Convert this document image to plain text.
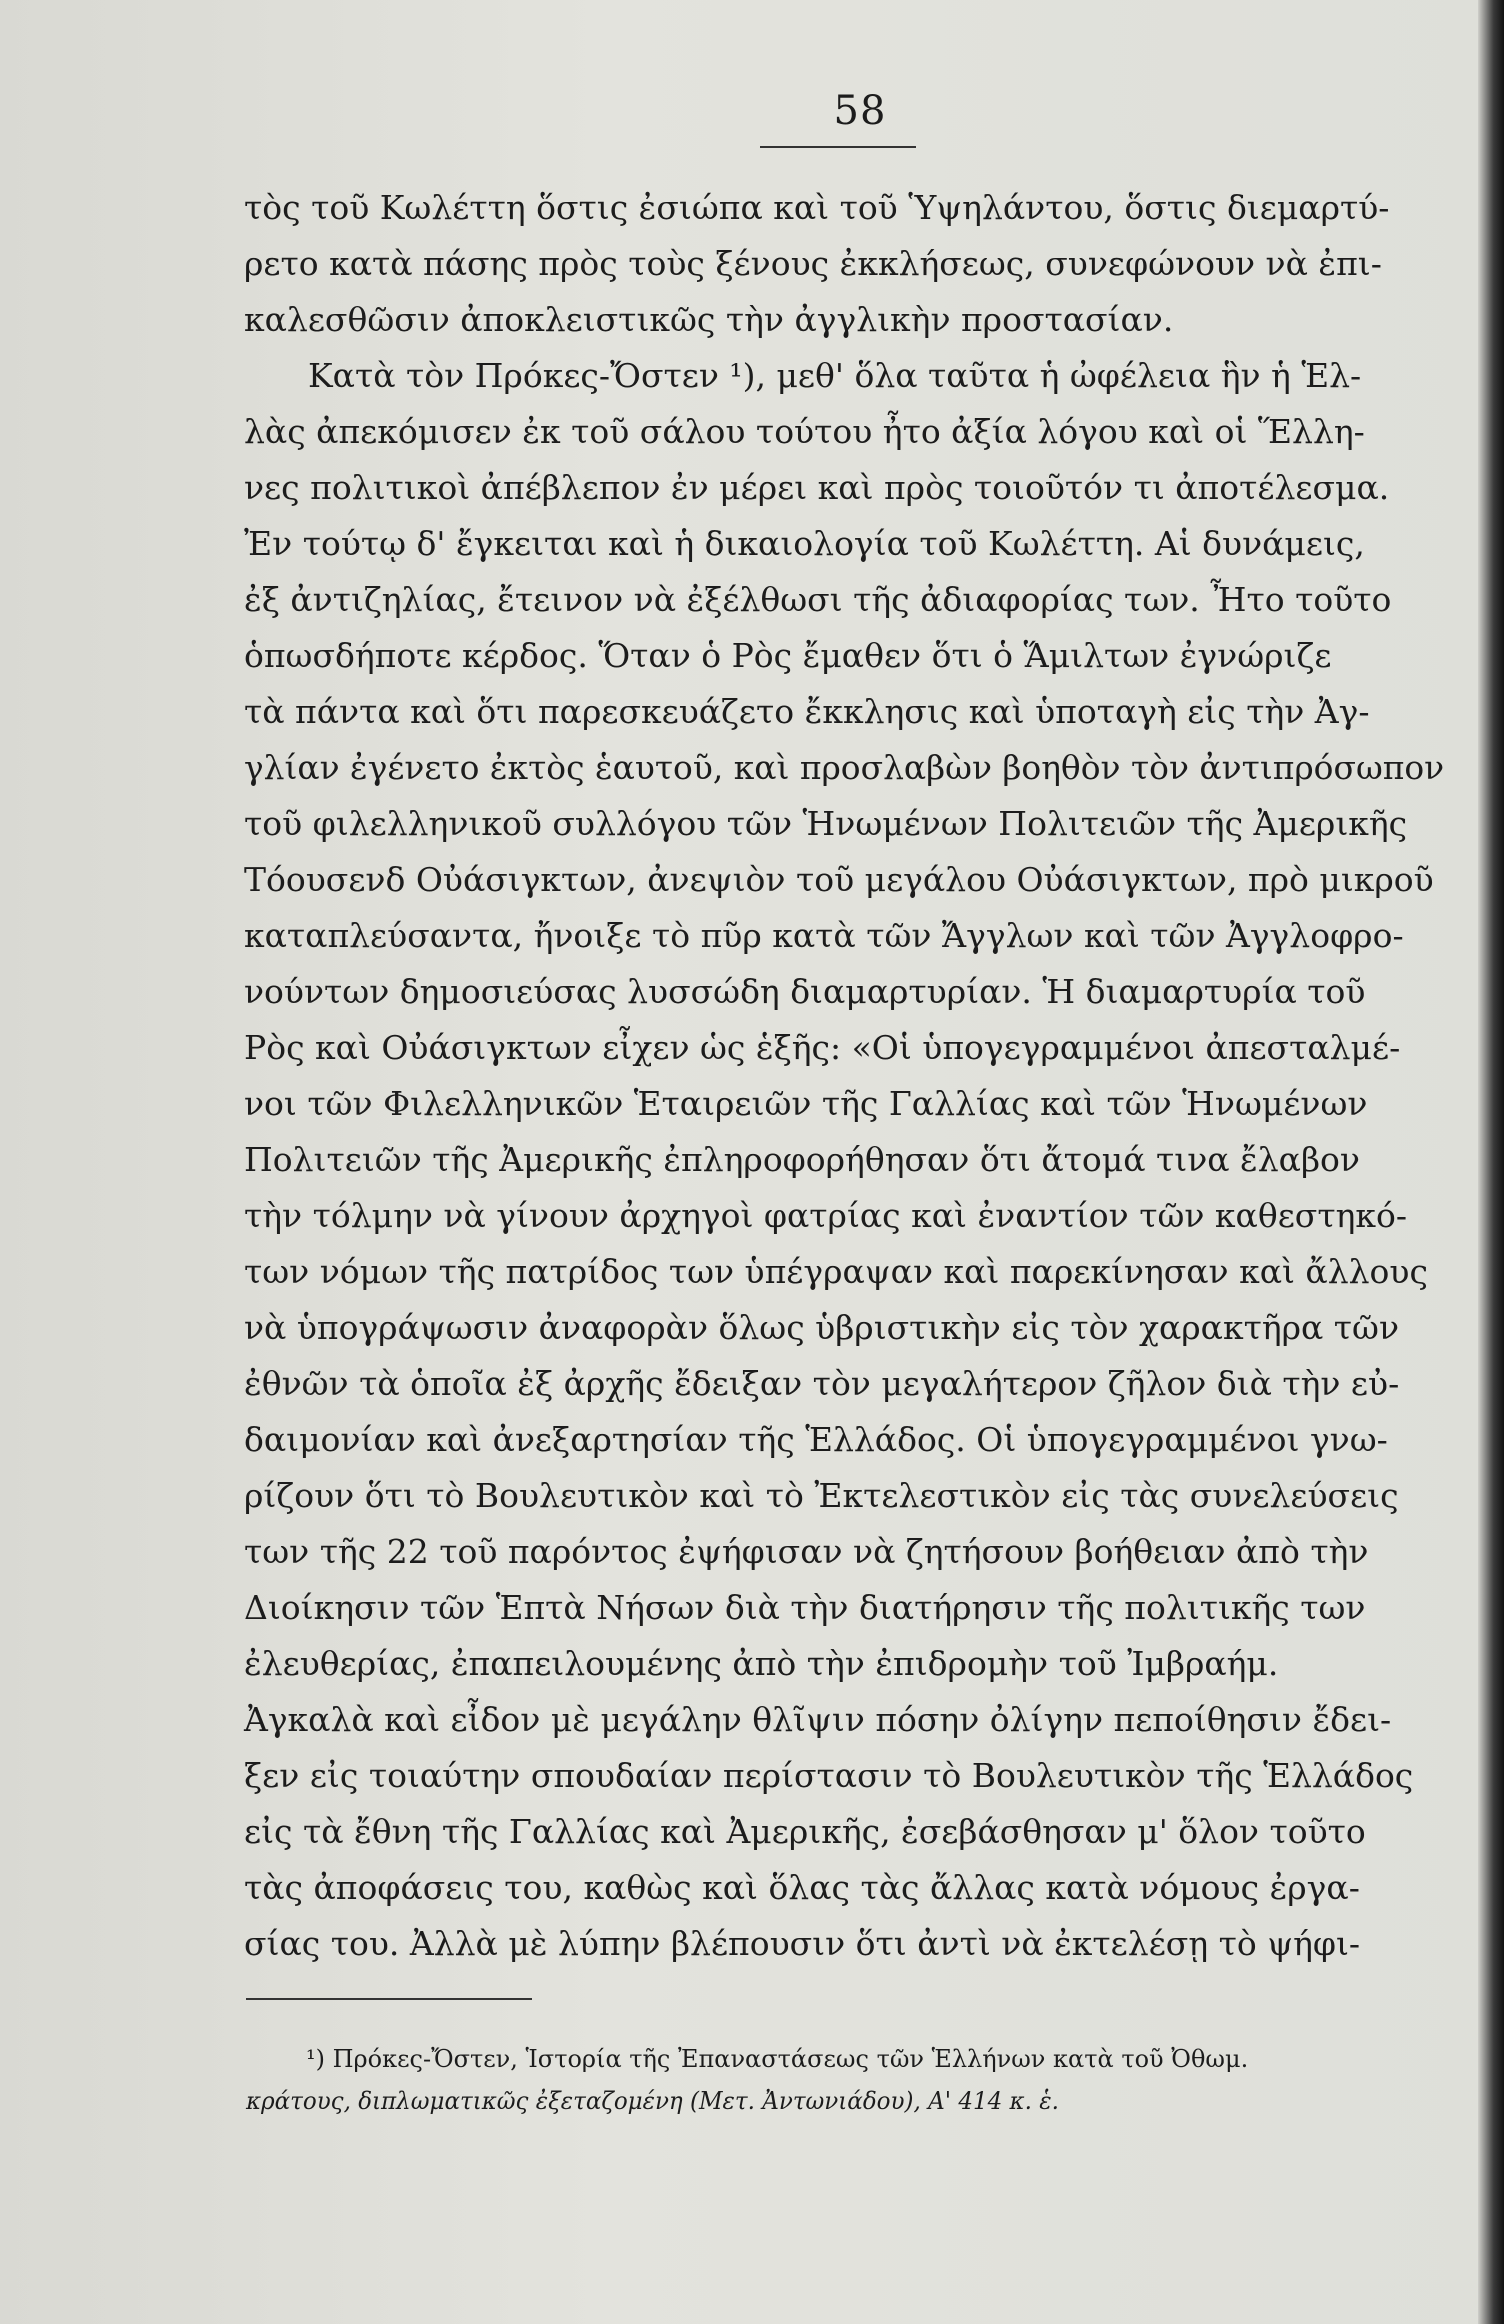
58
τὸς τοῦ Κωλέττη ὅστις ἐσιώπα καὶ τοῦ Ὑψηλάντου, ὅστις διεμαρτύ-
ρετο κατὰ πάσης πρὸς τοὺς ξένους ἐκκλήσεως, συνεφώνουν νὰ ἐπι-
καλεσθῶσιν ἀποκλειστικῶς τὴν ἀγγλικὴν προστασίαν.
Κατὰ τὸν Πρόκες-Ὄστεν ¹), μεθ' ὅλα ταῦτα ἡ ὠφέλεια ἣν ἡ Ἑλ-
λὰς ἀπεκόμισεν ἐκ τοῦ σάλου τούτου ἦτο ἀξία λόγου καὶ οἱ Ἕλλη-
νες πολιτικοὶ ἀπέβλεπον ἐν μέρει καὶ πρὸς τοιοῦτόν τι ἀποτέλεσμα.
Ἐν τούτῳ δ' ἔγκειται καὶ ἡ δικαιολογία τοῦ Κωλέττη. Αἱ δυνάμεις,
ἐξ ἀντιζηλίας, ἔτεινον νὰ ἐξέλθωσι τῆς ἀδιαφορίας των. Ἦτο τοῦτο
ὁπωσδήποτε κέρδος. Ὅταν ὁ Ρὸς ἔμαθεν ὅτι ὁ Ἅμιλτων ἐγνώριζε
τὰ πάντα καὶ ὅτι παρεσκευάζετο ἔκκλησις καὶ ὑποταγὴ εἰς τὴν Ἀγ-
γλίαν ἐγένετο ἐκτὸς ἑαυτοῦ, καὶ προσλαβὼν βοηθὸν τὸν ἀντιπρόσωπον
τοῦ φιλελληνικοῦ συλλόγου τῶν Ἡνωμένων Πολιτειῶν τῆς Ἀμερικῆς
Τόουσενδ Οὐάσιγκτων, ἀνεψιὸν τοῦ μεγάλου Οὐάσιγκτων, πρὸ μικροῦ
καταπλεύσαντα, ἤνοιξε τὸ πῦρ κατὰ τῶν Ἄγγλων καὶ τῶν Ἀγγλοφρο-
νούντων δημοσιεύσας λυσσώδη διαμαρτυρίαν. Ἡ διαμαρτυρία τοῦ
Ρὸς καὶ Οὐάσιγκτων εἶχεν ὡς ἑξῆς: «Οἱ ὑπογεγραμμένοι ἀπεσταλμέ-
νοι τῶν Φιλελληνικῶν Ἑταιρειῶν τῆς Γαλλίας καὶ τῶν Ἡνωμένων
Πολιτειῶν τῆς Ἀμερικῆς ἐπληροφορήθησαν ὅτι ἄτομά τινα ἔλαβον
τὴν τόλμην νὰ γίνουν ἀρχηγοὶ φατρίας καὶ ἐναντίον τῶν καθεστηκό-
των νόμων τῆς πατρίδος των ὑπέγραψαν καὶ παρεκίνησαν καὶ ἄλλους
νὰ ὑπογράψωσιν ἀναφορὰν ὅλως ὑβριστικὴν εἰς τὸν χαρακτῆρα τῶν
ἐθνῶν τὰ ὁποῖα ἐξ ἀρχῆς ἔδειξαν τὸν μεγαλήτερον ζῆλον διὰ τὴν εὐ-
δαιμονίαν καὶ ἀνεξαρτησίαν τῆς Ἑλλάδος. Οἱ ὑπογεγραμμένοι γνω-
ρίζουν ὅτι τὸ Βουλευτικὸν καὶ τὸ Ἐκτελεστικὸν εἰς τὰς συνελεύσεις
των τῆς 22 τοῦ παρόντος ἐψήφισαν νὰ ζητήσουν βοήθειαν ἀπὸ τὴν
Διοίκησιν τῶν Ἑπτὰ Νήσων διὰ τὴν διατήρησιν τῆς πολιτικῆς των
ἐλευθερίας, ἐπαπειλουμένης ἀπὸ τὴν ἐπιδρομὴν τοῦ Ἰμβραήμ.
Ἀγκαλὰ καὶ εἶδον μὲ μεγάλην θλῖψιν πόσην ὀλίγην πεποίθησιν ἔδει-
ξεν εἰς τοιαύτην σπουδαίαν περίστασιν τὸ Βουλευτικὸν τῆς Ἑλλάδος
εἰς τὰ ἔθνη τῆς Γαλλίας καὶ Ἀμερικῆς, ἐσεβάσθησαν μ' ὅλον τοῦτο
τὰς ἀποφάσεις του, καθὼς καὶ ὅλας τὰς ἄλλας κατὰ νόμους ἐργα-
σίας του. Ἀλλὰ μὲ λύπην βλέπουσιν ὅτι ἀντὶ νὰ ἐκτελέσῃ τὸ ψήφι-
¹) Πρόκες-Ὄστεν, Ἱστορία τῆς Ἐπαναστάσεως τῶν Ἑλλήνων κατὰ τοῦ Ὀθωμ.
κράτους, διπλωματικῶς ἐξεταζομένη (Μετ. Ἀντωνιάδου), Α' 414 κ. ἑ.
